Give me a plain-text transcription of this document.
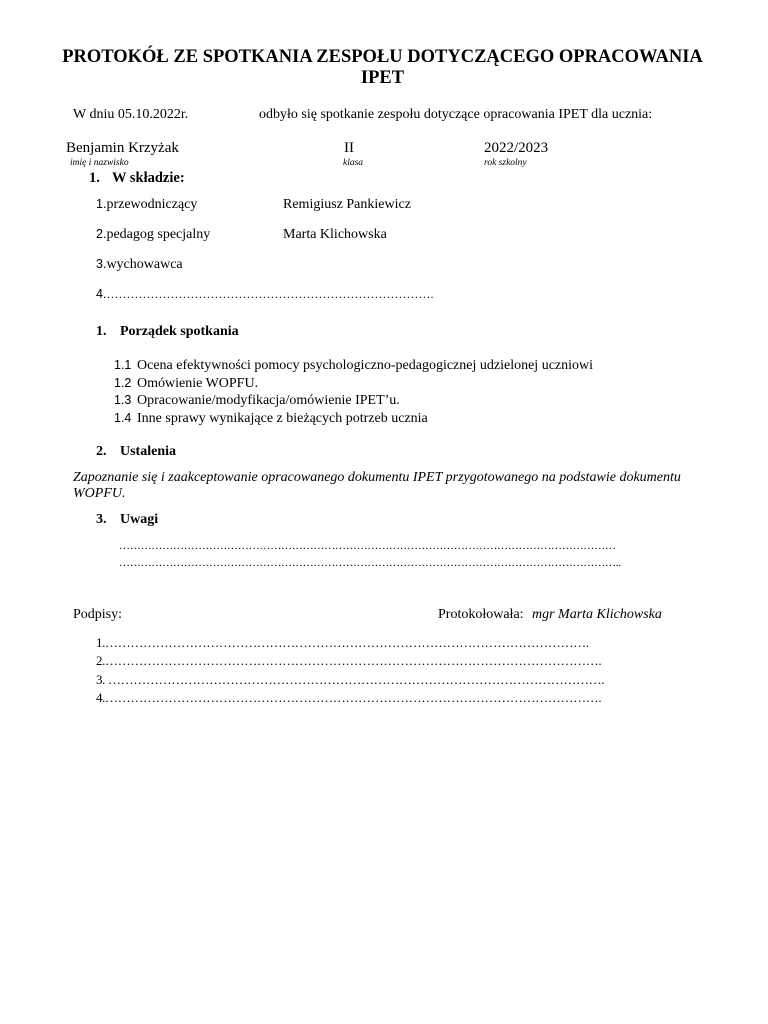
PROTOKÓŁ ZE SPOTKANIA ZESPOŁU DOTYCZĄCEGO OPRACOWANIA IPET
W dniu 05.10.2022r.	odbyło się spotkanie zespołu dotyczące opracowania IPET dla ucznia:
Benjamin Krzyżak
imię i nazwisko
II
klasa
2022/2023
rok szkolny
1. W składzie:
1.przewodniczący	Remigiusz Pankiewicz
2.pedagog specjalny	Marta Klichowska
3.wychowawca
4.……………………………………………………………………….
1. Porządek spotkania
1.1 Ocena efektywności pomocy psychologiczno-pedagogicznej udzielonej uczniowi
1.2 Omówienie WOPFU.
1.3 Opracowanie/modyfikacja/omówienie IPET’u.
1.4 Inne sprawy wynikające z bieżących potrzeb ucznia
2. Ustalenia
Zapoznanie się i zaakceptowanie opracowanego dokumentu IPET przygotowanego na podstawie dokumentu WOPFU.
3. Uwagi
…………………………………………………………………………………………………………………………
…………………………………………………………………………………………………………………………..
Podpisy:	Protokołowała: mgr Marta Klichowska
1.…………………………………………………………………………………………………….
2.……………………………………………………………………………………………………….
3. ……………………………………………………………………………………………………….
4.……………………………………………………………………………………………………….
